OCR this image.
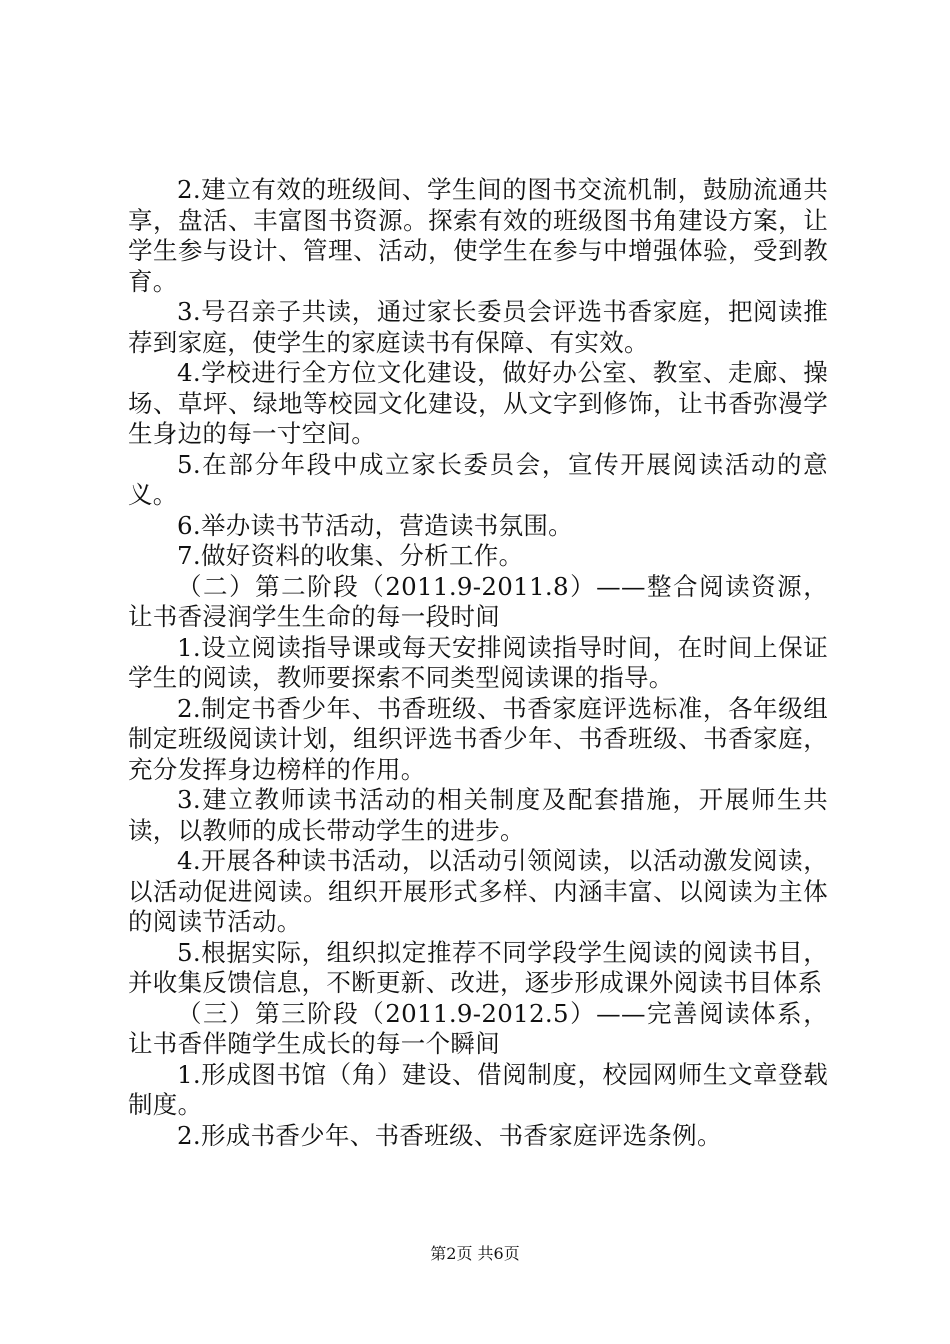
2.建立有效的班级间、学生间的图书交流机制，鼓励流通共享，盘活、丰富图书资源。探索有效的班级图书角建设方案，让学生参与设计、管理、活动，使学生在参与中增强体验，受到教育。

3.号召亲子共读，通过家长委员会评选书香家庭，把阅读推荐到家庭，使学生的家庭读书有保障、有实效。

4.学校进行全方位文化建设，做好办公室、教室、走廊、操场、草坪、绿地等校园文化建设，从文字到修饰，让书香弥漫学生身边的每一寸空间。

5.在部分年段中成立家长委员会，宣传开展阅读活动的意义。

6.举办读书节活动，营造读书氛围。

7.做好资料的收集、分析工作。

（二）第二阶段（2011.9-2011.8）——整合阅读资源，让书香浸润学生生命的每一段时间

1.设立阅读指导课或每天安排阅读指导时间，在时间上保证学生的阅读，教师要探索不同类型阅读课的指导。

2.制定书香少年、书香班级、书香家庭评选标准，各年级组制定班级阅读计划，组织评选书香少年、书香班级、书香家庭，充分发挥身边榜样的作用。

3.建立教师读书活动的相关制度及配套措施，开展师生共读，以教师的成长带动学生的进步。

4.开展各种读书活动，以活动引领阅读，以活动激发阅读，以活动促进阅读。组织开展形式多样、内涵丰富、以阅读为主体的阅读节活动。

5.根据实际，组织拟定推荐不同学段学生阅读的阅读书目，并收集反馈信息，不断更新、改进，逐步形成课外阅读书目体系

（三）第三阶段（2011.9-2012.5）——完善阅读体系，让书香伴随学生成长的每一个瞬间

1.形成图书馆（角）建设、借阅制度，校园网师生文章登载制度。

2.形成书香少年、书香班级、书香家庭评选条例。

第2页 共6页
